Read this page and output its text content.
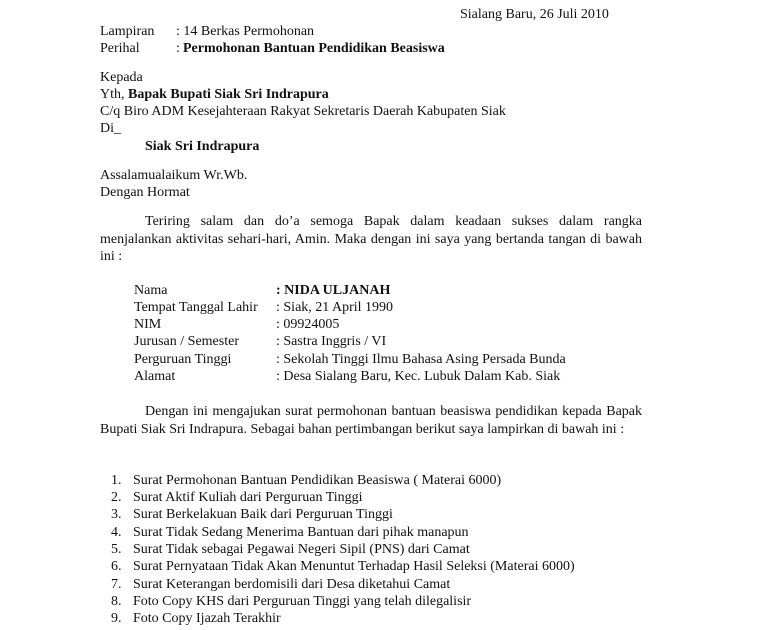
Sialang Baru, 26 Juli 2010
Lampiran : 14 Berkas Permohonan
Perihal	: Permohonan Bantuan Pendidikan Beasiswa
Kepada
Yth, Bapak Bupati Siak Sri Indrapura
C/q Biro ADM Kesejahteraan Rakyat Sekretaris Daerah Kabupaten Siak
Di_
Siak Sri Indrapura
Assalamualaikum Wr.Wb.
Dengan Hormat
Teriring salam dan do’a semoga Bapak dalam keadaan sukses dalam rangka menjalankan aktivitas sehari-hari, Amin. Maka dengan ini saya yang bertanda tangan di bawah ini :
Nama	: NIDA ULJANAH
Tempat Tanggal Lahir : Siak, 21 April 1990
NIM	: 09924005
Jurusan / Semester	: Sastra Inggris / VI
Perguruan Tinggi	: Sekolah Tinggi Ilmu Bahasa Asing Persada Bunda
Alamat	: Desa Sialang Baru, Kec. Lubuk Dalam Kab. Siak
Dengan ini mengajukan surat permohonan bantuan beasiswa pendidikan kepada Bapak Bupati Siak Sri Indrapura. Sebagai bahan pertimbangan berikut saya lampirkan di bawah ini :
1. Surat Permohonan Bantuan Pendidikan Beasiswa ( Materai 6000)
2. Surat Aktif Kuliah dari Perguruan Tinggi
3. Surat Berkelakuan Baik dari Perguruan Tinggi
4. Surat Tidak Sedang Menerima Bantuan dari pihak manapun
5. Surat Tidak sebagai Pegawai Negeri Sipil (PNS) dari Camat
6. Surat Pernyataan Tidak Akan Menuntut Terhadap Hasil Seleksi (Materai 6000)
7. Surat Keterangan berdomisili dari Desa diketahui Camat
8. Foto Copy KHS dari Perguruan Tinggi yang telah dilegalisir
9. Foto Copy Ijazah Terakhir
